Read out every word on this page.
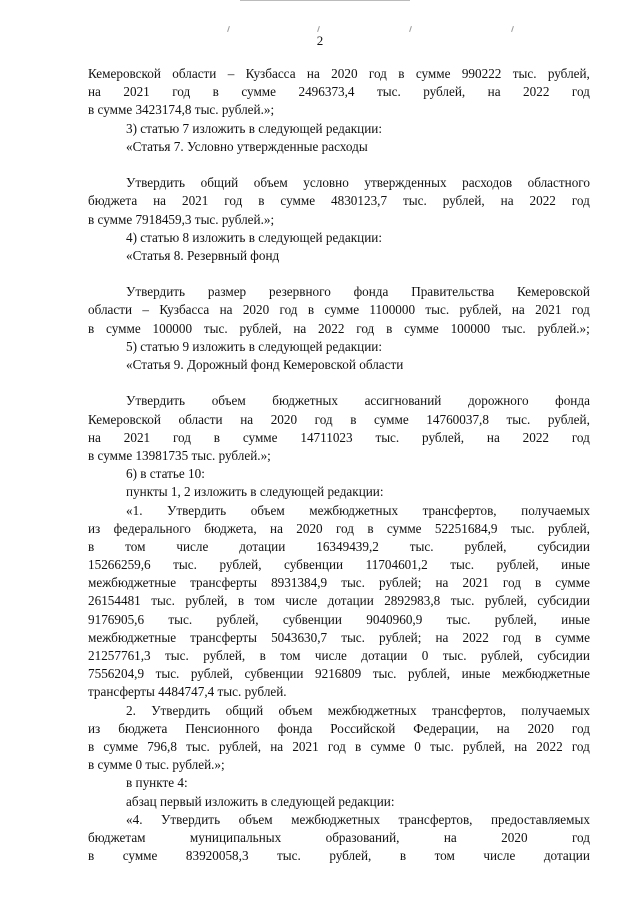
2
Кемеровской области – Кузбасса на 2020 год в сумме 990222 тыс. рублей,
на 2021 год в сумме 2496373,4 тыс. рублей, на 2022 год
в сумме 3423174,8 тыс. рублей.»;
3) статью 7 изложить в следующей редакции:
«Статья 7. Условно утвержденные расходы
Утвердить общий объем условно утвержденных расходов областного
бюджета на 2021 год в сумме 4830123,7 тыс. рублей, на 2022 год
в сумме 7918459,3 тыс. рублей.»;
4) статью 8 изложить в следующей редакции:
«Статья 8. Резервный фонд
Утвердить размер резервного фонда Правительства Кемеровской
области – Кузбасса на 2020 год в сумме 1100000 тыс. рублей, на 2021 год
в сумме 100000 тыс. рублей, на 2022 год в сумме 100000 тыс. рублей.»;
5) статью 9 изложить в следующей редакции:
«Статья 9. Дорожный фонд Кемеровской области
Утвердить объем бюджетных ассигнований дорожного фонда
Кемеровской области на 2020 год в сумме 14760037,8 тыс. рублей,
на 2021 год в сумме 14711023 тыс. рублей, на 2022 год
в сумме 13981735 тыс. рублей.»;
6) в статье 10:
пункты 1, 2 изложить в следующей редакции:
«1. Утвердить объем межбюджетных трансфертов, получаемых
из федерального бюджета, на 2020 год в сумме 52251684,9 тыс. рублей,
в том числе дотации 16349439,2 тыс. рублей, субсидии
15266259,6 тыс. рублей, субвенции 11704601,2 тыс. рублей, иные
межбюджетные трансферты 8931384,9 тыс. рублей; на 2021 год в сумме
26154481 тыс. рублей, в том числе дотации 2892983,8 тыс. рублей, субсидии
9176905,6 тыс. рублей, субвенции 9040960,9 тыс. рублей, иные
межбюджетные трансферты 5043630,7 тыс. рублей; на 2022 год в сумме
21257761,3 тыс. рублей, в том числе дотации 0 тыс. рублей, субсидии
7556204,9 тыс. рублей, субвенции 9216809 тыс. рублей, иные межбюджетные
трансферты 4484747,4 тыс. рублей.
2. Утвердить общий объем межбюджетных трансфертов, получаемых
из бюджета Пенсионного фонда Российской Федерации, на 2020 год
в сумме 796,8 тыс. рублей, на 2021 год в сумме 0 тыс. рублей, на 2022 год
в сумме 0 тыс. рублей.»;
в пункте 4:
абзац первый изложить в следующей редакции:
«4. Утвердить объем межбюджетных трансфертов, предоставляемых
бюджетам	муниципальных	образований,	на	2020	год
в сумме 83920058,3 тыс. рублей, в том числе дотации
